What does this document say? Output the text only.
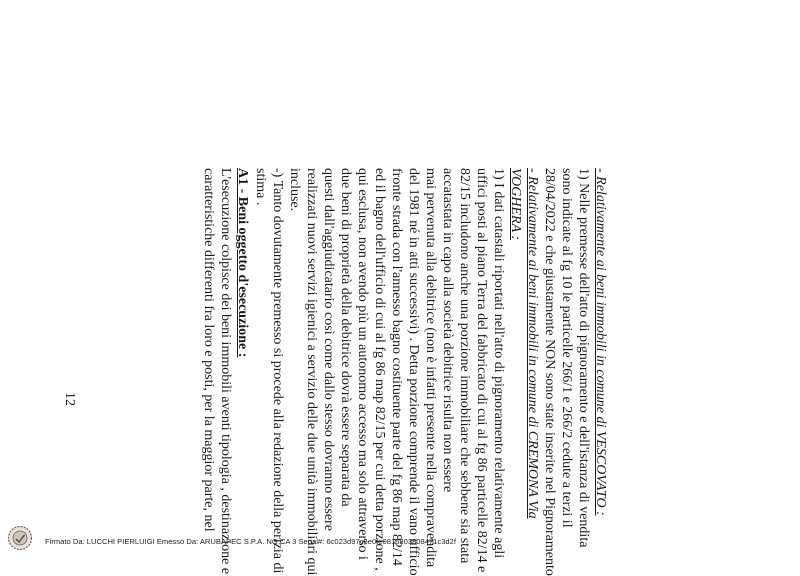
- Relativamente ai beni immobili in comune di VESCOVATO :
1) Nelle premesse dell'atto di pignoramento e dell'istanza di vendita
sono indicate al fg 10 le particelle 266/1 e 266/2 cedute a terzi il
28/04/2022 e che giustamente NON sono state inserite nel Pignoramento
- Relativamente ai beni immobili in comune di CREMONA Via
VOGHERA :
1) I dati catastali riportati nell'atto di pignoramento relativamente agli
uffici posti al piano Terra del fabbricato di cui al fg 86 particelle 82/14 e
82/15 includono anche una porzione immobiliare che sebbene sia stata
accatastata in capo alla società debitrice risulta non essere
mai pervenuta alla debitrice (non è infatti presente nella compravendita
del 1981 né in atti successivi) . Detta porzione comprende il vano ufficio
fronte strada con l'annesso bagno costituente parte del fg 86 map 82/14
ed il bagno dell'ufficio di cui al fg 86 map 82/15 per cui detta porzione ,
qui esclusa, non avendo più un autonomo accesso ma solo attraverso i
due beni di proprietà della debitrice dovrà essere separata da
questi dall'aggiudicatario così come dallo stesso dovranno essere
realizzati nuovi servizi igienici a servizio delle due unità immobiliari qui
incluse.
-) Tanto dovutamente premesso si procede alla redazione della perizia di
stima .
A1 - Beni oggetto d'esecuzione :
L'esecuzione colpisce dei beni immobili aventi tipologia , destinazione e
caratteristiche differenti fra loro e posti, per la maggior parte, nel
12
Firmato Da: LUCCHI PIERLUIGI Emesso Da: ARUBAPEC S.P.A. NG CA 3 Serial#: 6c023d97c8e0fe0816803808471c3d2f
